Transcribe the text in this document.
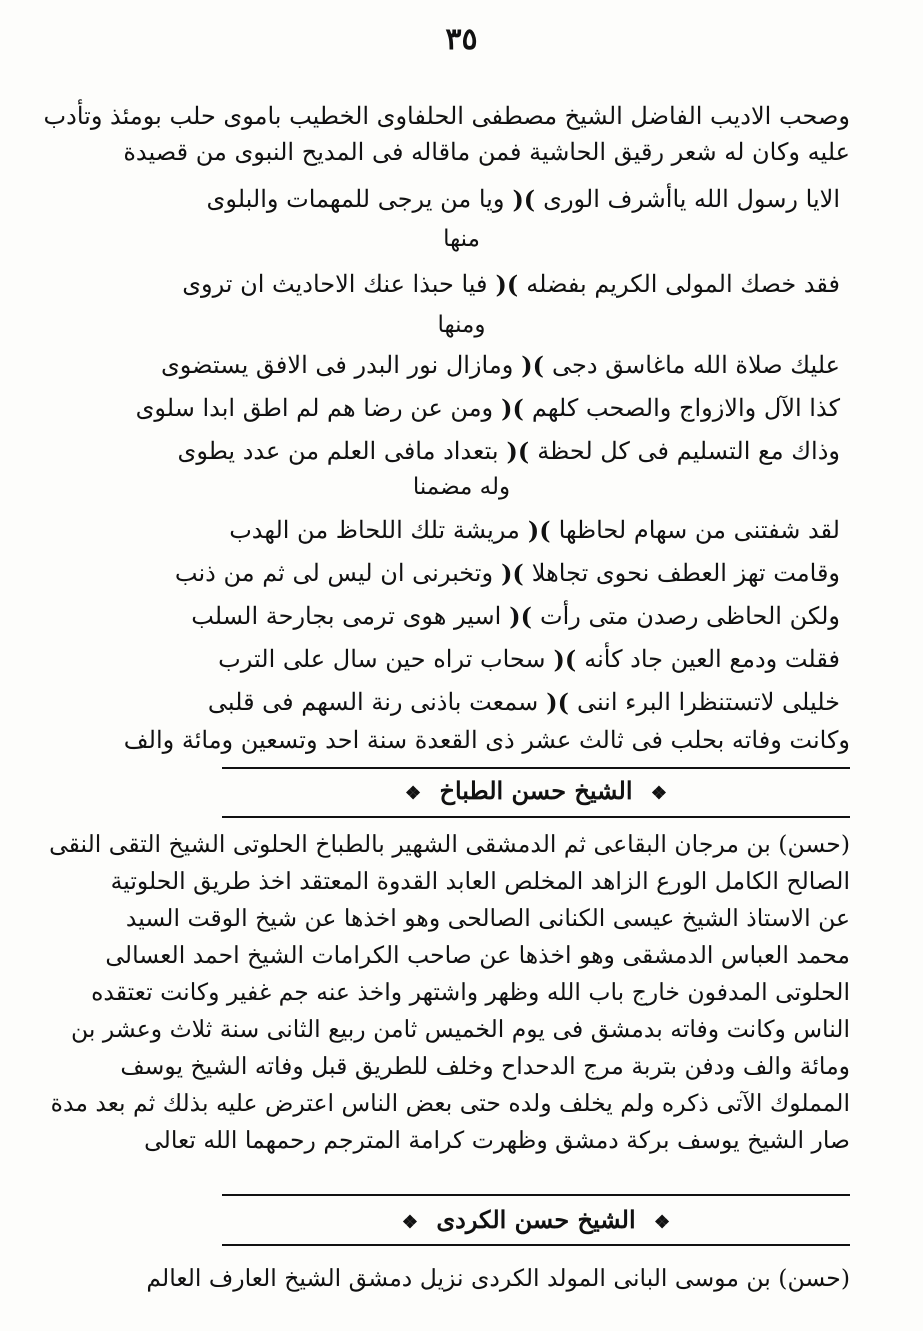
٣٥
وصحب الاديب الفاضل الشيخ مصطفى الحلفاوى الخطيب باموى حلب بومئذ وتأدب
عليه وكان له شعر رقيق الحاشية فمن ماقاله فى المديح النبوى من قصيدة
الايا رسول الله ياأشرف الورى
)(
ويا من يرجى للمهمات والبلوى
منها
فقد خصك المولى الكريم بفضله
)(
فيا حبذا عنك الاحاديث ان تروى
ومنها
عليك صلاة الله ماغاسق دجى
)(
ومازال نور البدر فى الافق يستضوى
كذا الآل والازواج والصحب كلهم
)(
ومن عن رضا هم لم اطق ابدا سلوى
وذاك مع التسليم فى كل لحظة
)(
بتعداد مافى العلم من عدد يطوى
وله مضمنا
لقد شفتنى من سهام لحاظها
)(
مريشة تلك اللحاظ من الهدب
وقامت تهز العطف نحوى تجاهلا
)(
وتخبرنى ان ليس لى ثم من ذنب
ولكن الحاظى رصدن متى رأت
)(
اسير هوى ترمى بجارحة السلب
فقلت ودمع العين جاد كأنه
)(
سحاب تراه حين سال على الترب
خليلى لاتستنظرا البرء اننى
)(
سمعت باذنى رنة السهم فى قلبى
وكانت وفاته بحلب فى ثالث عشر ذى القعدة سنة احد وتسعين ومائة والف
❖ الشيخ حسن الطباخ ❖
(حسن) بن مرجان البقاعى ثم الدمشقى الشهير بالطباخ الحلوتى الشيخ التقى النقى
الصالح الكامل الورع الزاهد المخلص العابد القدوة المعتقد اخذ طريق الحلوتية
عن الاستاذ الشيخ عيسى الكنانى الصالحى وهو اخذها عن شيخ الوقت السيد
محمد العباس الدمشقى وهو اخذها عن صاحب الكرامات الشيخ احمد العسالى
الحلوتى المدفون خارج باب الله وظهر واشتهر واخذ عنه جم غفير وكانت تعتقده
الناس وكانت وفاته بدمشق فى يوم الخميس ثامن ربيع الثانى سنة ثلاث وعشر بن
ومائة والف ودفن بتربة مرج الدحداح وخلف للطريق قبل وفاته الشيخ يوسف
المملوك الآتى ذكره ولم يخلف ولده حتى بعض الناس اعترض عليه بذلك ثم بعد مدة
صار الشيخ يوسف بركة دمشق وظهرت كرامة المترجم رحمهما الله تعالى
❖ الشيخ حسن الكردى ❖
(حسن) بن موسى البانى المولد الكردى نزيل دمشق الشيخ العارف العالم
